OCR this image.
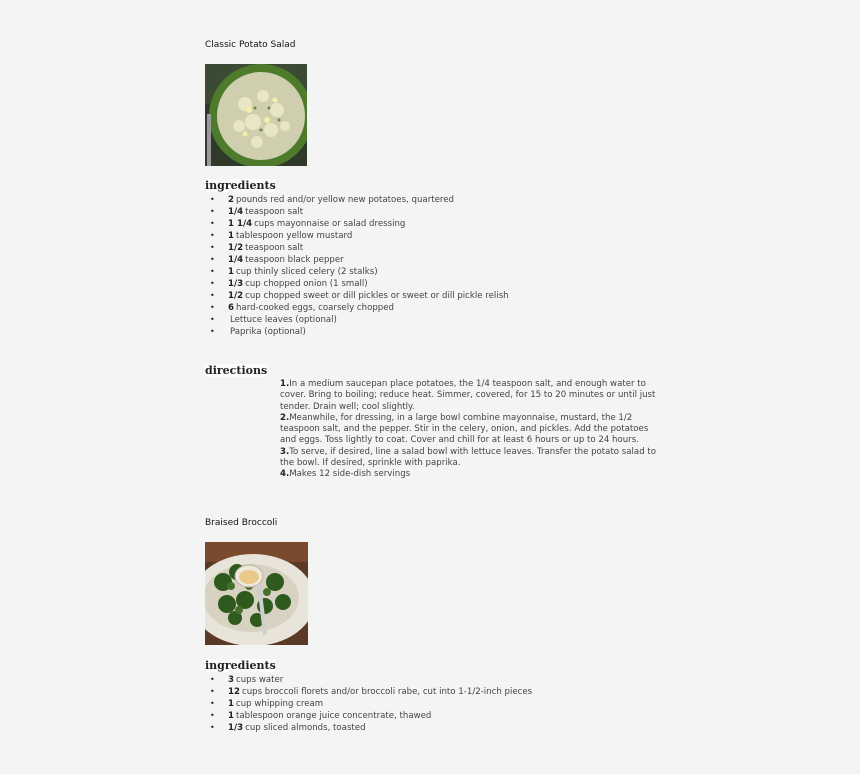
Classic Potato Salad
ingredients
• 2 pounds red and/or yellow new potatoes, quartered
• 1/4 teaspoon salt
• 1 1/4 cups mayonnaise or salad dressing
• 1 tablespoon yellow mustard
• 1/2 teaspoon salt
• 1/4 teaspoon black pepper
• 1 cup thinly sliced celery (2 stalks)
• 1/3 cup chopped onion (1 small)
• 1/2 cup chopped sweet or dill pickles or sweet or dill pickle relish
• 6 hard-cooked eggs, coarsely chopped
• Lettuce leaves (optional)
• Paprika (optional)
directions
1.In a medium saucepan place potatoes, the 1/4 teaspoon salt, and enough water to cover. Bring to boiling; reduce heat. Simmer, covered, for 15 to 20 minutes or until just tender. Drain well; cool slightly.
2.Meanwhile, for dressing, in a large bowl combine mayonnaise, mustard, the 1/2 teaspoon salt, and the pepper. Stir in the celery, onion, and pickles. Add the potatoes and eggs. Toss lightly to coat. Cover and chill for at least 6 hours or up to 24 hours.
3.To serve, if desired, line a salad bowl with lettuce leaves. Transfer the potato salad to the bowl. If desired, sprinkle with paprika.
4.Makes 12 side-dish servings
Braised Broccoli
ingredients
• 3 cups water
• 12 cups broccoli florets and/or broccoli rabe, cut into 1-1/2-inch pieces
• 1 cup whipping cream
• 1 tablespoon orange juice concentrate, thawed
• 1/3 cup sliced almonds, toasted
